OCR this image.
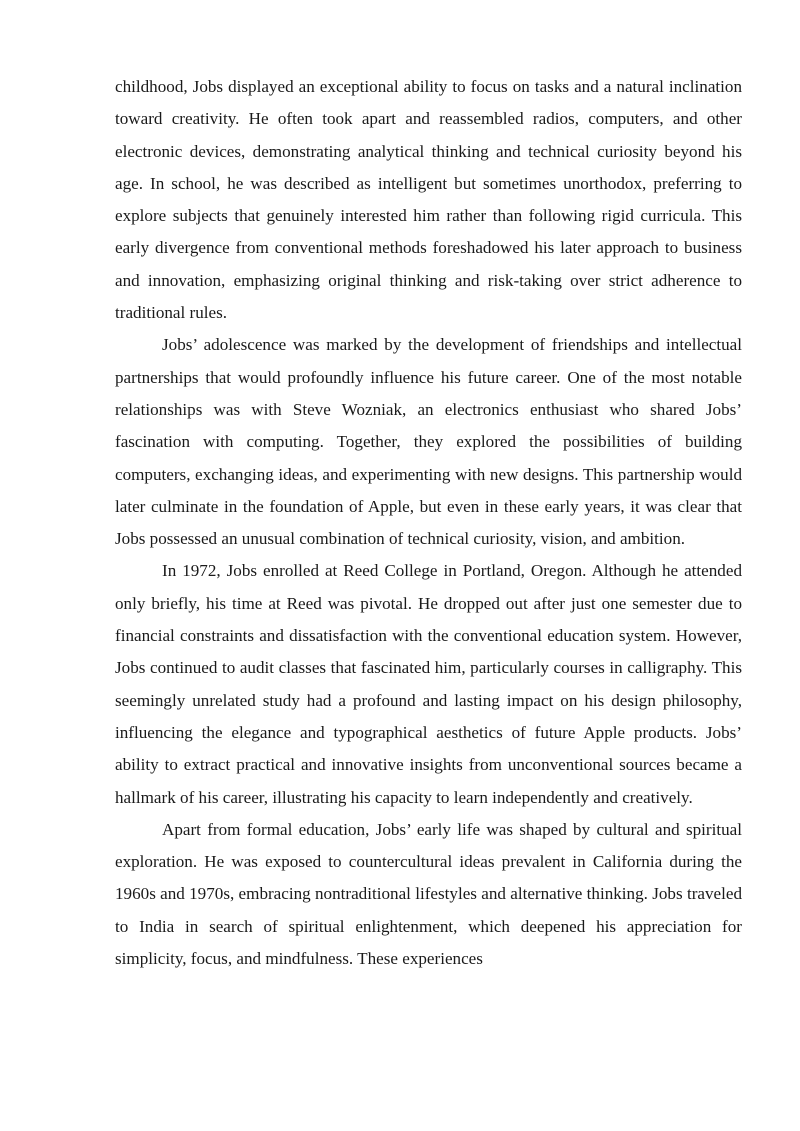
childhood, Jobs displayed an exceptional ability to focus on tasks and a natural inclination toward creativity. He often took apart and reassembled radios, computers, and other electronic devices, demonstrating analytical thinking and technical curiosity beyond his age. In school, he was described as intelligent but sometimes unorthodox, preferring to explore subjects that genuinely interested him rather than following rigid curricula. This early divergence from conventional methods foreshadowed his later approach to business and innovation, emphasizing original thinking and risk-taking over strict adherence to traditional rules.

Jobs’ adolescence was marked by the development of friendships and intellectual partnerships that would profoundly influence his future career. One of the most notable relationships was with Steve Wozniak, an electronics enthusiast who shared Jobs’ fascination with computing. Together, they explored the possibilities of building computers, exchanging ideas, and experimenting with new designs. This partnership would later culminate in the foundation of Apple, but even in these early years, it was clear that Jobs possessed an unusual combination of technical curiosity, vision, and ambition.

In 1972, Jobs enrolled at Reed College in Portland, Oregon. Although he attended only briefly, his time at Reed was pivotal. He dropped out after just one semester due to financial constraints and dissatisfaction with the conventional education system. However, Jobs continued to audit classes that fascinated him, particularly courses in calligraphy. This seemingly unrelated study had a profound and lasting impact on his design philosophy, influencing the elegance and typographical aesthetics of future Apple products. Jobs’ ability to extract practical and innovative insights from unconventional sources became a hallmark of his career, illustrating his capacity to learn independently and creatively.

Apart from formal education, Jobs’ early life was shaped by cultural and spiritual exploration. He was exposed to countercultural ideas prevalent in California during the 1960s and 1970s, embracing nontraditional lifestyles and alternative thinking. Jobs traveled to India in search of spiritual enlightenment, which deepened his appreciation for simplicity, focus, and mindfulness. These experiences
